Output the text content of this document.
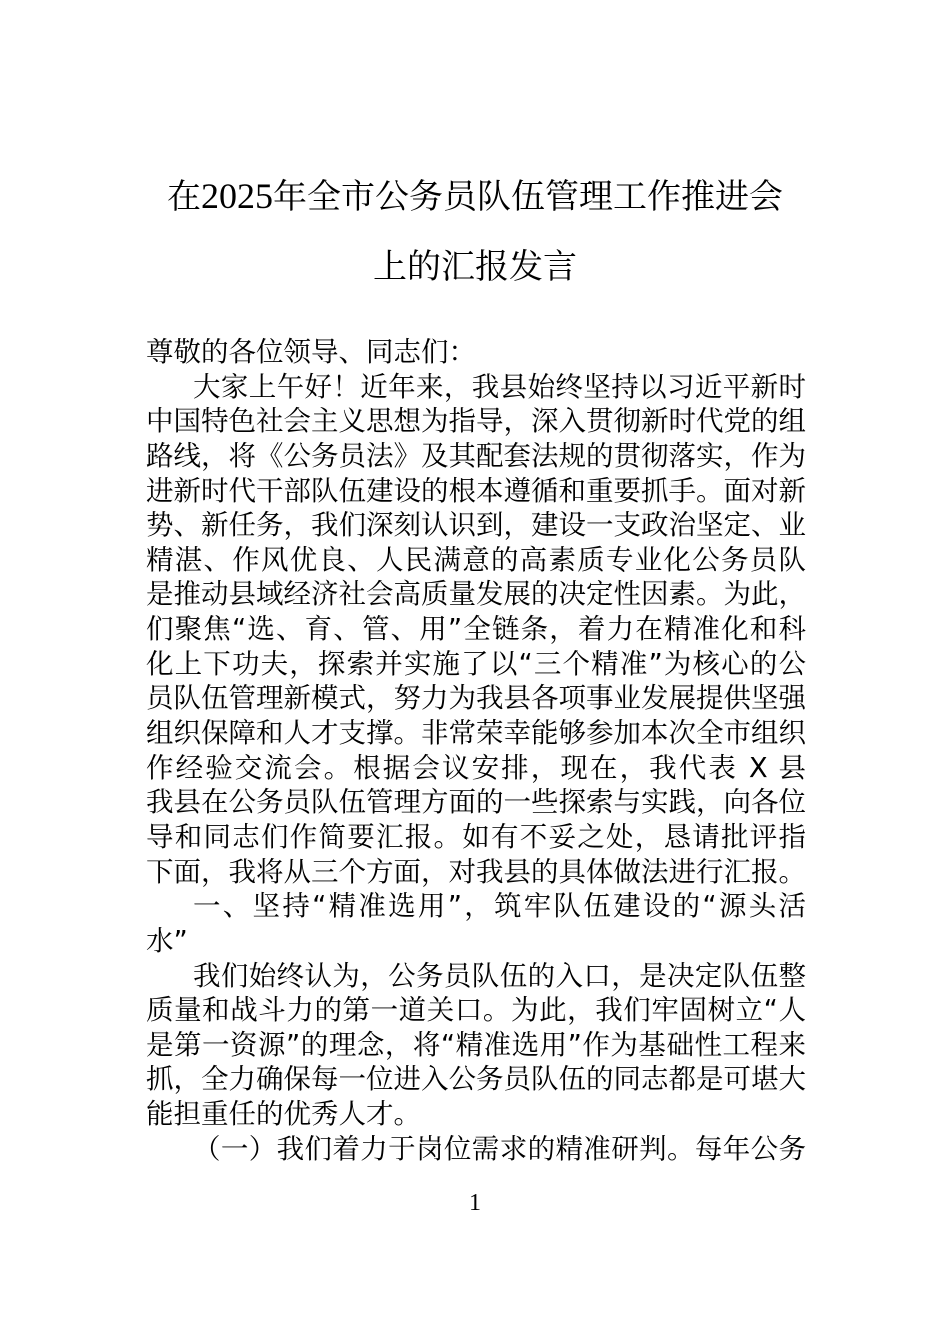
在2025年全市公务员队伍管理工作推进会
上的汇报发言
尊敬的各位领导、同志们：
大家上午好！近年来，我县始终坚持以习近平新时
中国特色社会主义思想为指导，深入贯彻新时代党的组
路线，将《公务员法》及其配套法规的贯彻落实，作为
进新时代干部队伍建设的根本遵循和重要抓手。面对新
势、新任务，我们深刻认识到，建设一支政治坚定、业
精湛、作风优良、人民满意的高素质专业化公务员队
是推动县域经济社会高质量发展的决定性因素。为此，
们聚焦“选、育、管、用”全链条，着力在精准化和科
化上下功夫，探索并实施了以“三个精准”为核心的公
员队伍管理新模式，努力为我县各项事业发展提供坚强
组织保障和人才支撑。非常荣幸能够参加本次全市组织
作经验交流会。根据会议安排，现在，我代表 X 县
我县在公务员队伍管理方面的一些探索与实践，向各位
导和同志们作简要汇报。如有不妥之处，恳请批评指
下面，我将从三个方面，对我县的具体做法进行汇报。
一、坚持“精准选用”，筑牢队伍建设的“源头活
水”
我们始终认为，公务员队伍的入口，是决定队伍整
质量和战斗力的第一道关口。为此，我们牢固树立“人
是第一资源”的理念，将“精准选用”作为基础性工程来
抓，全力确保每一位进入公务员队伍的同志都是可堪大
能担重任的优秀人才。
（一）我们着力于岗位需求的精准研判。每年公务
1
